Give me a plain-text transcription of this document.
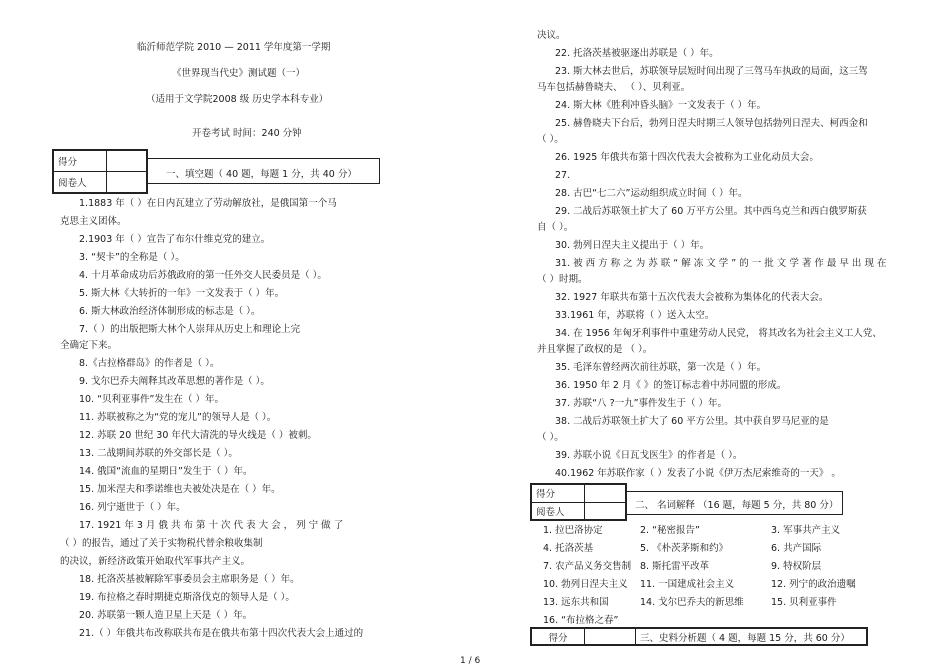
临沂师范学院 2010 — 2011 学年度第一学期
《世界现当代史》测试题（一）
（适用于文学院2008 级 历史学本科专业）
开卷考试 时间：240 分钟
得分	
阅卷人	
一、填空题（ 40 题，每题 1 分，共 40 分）
1.1883 年（ ）在日内瓦建立了劳动解放社，是俄国第一个马
克思主义团体。
2.1903 年（ ）宣告了布尔什维克党的建立。
3. “契卡”的全称是（ ）。
4. 十月革命成功后苏俄政府的第一任外交人民委员是（ ）。
5. 斯大林《大转折的一年》一文发表于（ ）年。
6. 斯大林政治经济体制形成的标志是（ ）。
7.（ ）的出版把斯大林个人崇拜从历史上和理论上完
全确定下来。
8.《古拉格群岛》的作者是（ ）。
9. 戈尔巴乔夫阐释其改革思想的著作是（ ）。
10. “贝利亚事件”发生在（ ）年。
11. 苏联被称之为“党的宠儿”的领导人是（ ）。
12. 苏联 20 世纪 30 年代大清洗的导火线是（ ）被刺。
13. 二战期间苏联的外交部长是（ ）。
14. 俄国“流血的星期日”发生于（ ）年。
15. 加米涅夫和季诺维也夫被处决是在（ ）年。
16. 列宁逝世于（ ）年。
17. 1921 年 3 月 俄 共 布 第 十 次 代 表 大 会 ， 列 宁 做 了
（ ）的报告，通过了关于实物税代替余粮收集制
的决议，新经济政策开始取代军事共产主义。
18. 托洛茨基被解除军事委员会主席职务是（ ）年。
19. 布拉格之春时期捷克斯洛伐克的领导人是（ ）。
20. 苏联第一颗人造卫星上天是（ ）年。
21.（ ）年俄共布改称联共布是在俄共布第十四次代表大会上通过的
决议。
22. 托洛茨基被驱逐出苏联是（ ）年。
23. 斯大林去世后，苏联领导层短时间出现了三驾马车执政的局面，这三驾
马车包括赫鲁晓夫、 （ ）、贝利亚。
24. 斯大林《胜利冲昏头脑》一文发表于（ ）年。
25. 赫鲁晓夫下台后，勃列日涅夫时期三人领导包括勃列日涅夫、柯西金和
（ ）。
26. 1925 年俄共布第十四次代表大会被称为工业化动员大会。
27.
28. 古巴“七二六”运动组织成立时间（ ）年。
29. 二战后苏联领土扩大了 60 万平方公里。其中西乌克兰和西白俄罗斯获
自（ ）。
30. 勃列日涅夫主义提出于（ ）年。
31. 被 西 方 称 之 为 苏 联 “ 解 冻 文 学 ” 的 一 批 文 学 著 作 最 早 出 现 在
（ ）时期。
32. 1927 年联共布第十五次代表大会被称为集体化的代表大会。
33.1961 年，苏联将（ ）送入太空。
34. 在 1956 年匈牙利事件中重建劳动人民党， 将其改名为社会主义工人党、
并且掌握了政权的是 （ ）。
35. 毛泽东曾经两次前往苏联，第一次是（ ）年。
36. 1950 年 2 月《 》的签订标志着中苏同盟的形成。
37. 苏联“八 ?一九”事件发生于（ ）年。
38. 二战后苏联领土扩大了 60 平方公里。其中获自罗马尼亚的是
（ ）。
39. 苏联小说《日瓦戈医生》的作者是（ ）。
40.1962 年苏联作家（ ）发表了小说《伊万杰尼索维奇的一天》 。
得分	
阅卷人	
二、 名词解释 （16 题，每题 5 分，共 80 分）
1. 拉巴洛协定	2. “秘密报告”	3. 军事共产主义
4. 托洛茨基	5. 《朴茨茅斯和约》	6. 共产国际
7. 农产品义务交售制 8. 斯托雷平改革	9. 特权阶层
10. 勃列日涅夫主义 11. 一国建成社会主义	12. 列宁的政治遗嘱
13. 远东共和国	14. 戈尔巴乔夫的新思维	15. 贝利亚事件
16. “布拉格之春”
得分		三、史料分析题（ 4 题，每题 15 分，共 60 分）
1 / 6
